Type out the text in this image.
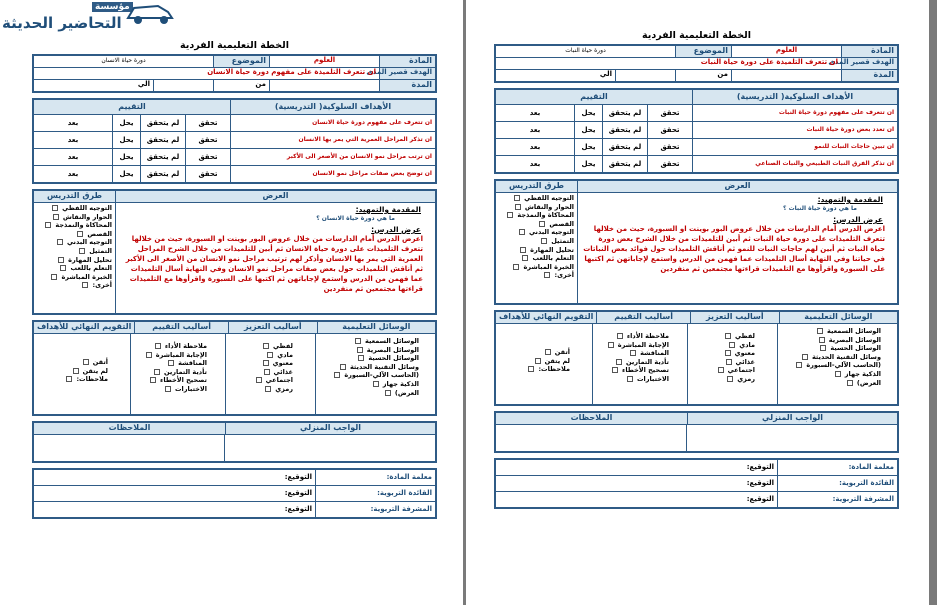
مؤسسة
التحاضير الحديثة
الخطة التعليمية الفردية
المادة
العلوم
الموضوع
دورة حياة الانسان
الهدف قصير المدى
ان تتعرف التلميذة على مفهوم دورة حياة الانسان
المدة
من
الي
الأهداف السلوكية( التدريسية)
التقييم
ان تتعرف على مفهوم دورة حياة الانسان
تحقق
لم يتحقق
يحل
بعد
ان تذكر المراحل العمرية التي يمر بها الانسان
تحقق
لم يتحقق
يحل
بعد
ان ترتب مراحل نمو الانسان من الأصغر الى الأكبر
تحقق
لم يتحقق
يحل
بعد
ان توضح بعض صفات مراحل نمو الانسان
تحقق
لم يتحقق
يحل
بعد
العرض
طرق التدريس
المقدمة والتمهيد:
ما هي دورة حياة الانسان ؟
عرض الدرس:
اعرض الدرس أمام الدارسات من خلال عروض البور بوينت او السبورة، حيث من خلالها تتعرف التلميذات على دورة حياة الانسان ثم أبين للتلميذات من خلال الشرح المراحل العمرية التي يمر بها الانسان وأذكر لهم ترتيب مراحل نمو الانسان من الأصغر الى الأكبر ثم أناقش التلميذات حول بعض صفات مراحل نمو الانسان وفي النهاية أسال التلميذات عما فهمن من الدرس واستمع لإجاباتهن ثم اكتبها على السبورة واقرأوها مع التلميذات قراءتها مجتمعين ثم منفردين
التوجيه اللفظي
الحوار والنقاش
المحاكاة والنمذجة
القصص
التوجيه البدني
التمثيل
تحليل المهارة
التعلم باللعب
الخبرة المباشرة
أخرى:
الوسائل التعليمية
أساليب التعزيز
أساليب التقييم
التقويم النهائي للأهداف
الوسائل السمعية
الوسائل البصرية
الوسائل الحسية
وسائل التقنية الحديثة
(الحاسب الآلي-السبورة
الذكية جهاز
العرض)
لفظي
مادي
معنوي
غذائي
اجتماعي
رمزي
ملاحظة الأداء
الإجابة المباشرة
المناقشة
تأدية التمارين
تصحيح الأخطاء
الاختبارات
أتقن
لم يتقن
ملاحظات:
الواجب المنزلي
الملاحظات
معلمة المادة:
التوقيع:
القائدة التربوية:
التوقيع:
المشرفة التربوية:
التوقيع:
الخطة التعليمية الفردية
المادة
العلوم
الموضوع
دورة حياة النبات
الهدف قصير المدى
ان تتعرف التلميذة على دورة حياة النبات
المدة
من
الي
الأهداف السلوكية( التدريسية)
التقييم
ان تتعرف على مفهوم دورة حياة النبات
تحقق
لم يتحقق
يحل
بعد
ان تعدد بعض دورة حياة النبات
تحقق
لم يتحقق
يحل
بعد
ان تبين حاجات النبات للنمو
تحقق
لم يتحقق
يحل
بعد
ان تذكر الفرق النبات الطبيعي والنبات الصناعي
تحقق
لم يتحقق
يحل
بعد
العرض
طرق التدريس
المقدمة والتمهيد:
ما هي دورة حياة النبات ؟
عرض الدرس:
اعرض الدرس أمام الدارسات من خلال عروض البور بوينت او السبورة، حيث من خلالها تتعرف التلميذات على دورة حياة النبات ثم أبين للتلميذات من خلال الشرح بعض دورة حياة النبات ثم أبين لهم حاجات النبات للنمو ثم أناقش التلميذات حول فوائد بعض النباتات في حياتنا وفي النهاية أسال التلميذات عما فهمن من الدرس واستمع لإجاباتهن ثم اكتبها على السبورة واقرأوها مع التلميذات قراءتها مجتمعين ثم منفردين
التوجيه اللفظي
الحوار والنقاش
المحاكاة والنمذجة
القصص
التوجيه البدني
التمثيل
تحليل المهارة
التعلم باللعب
الخبرة المباشرة
أخرى:
الوسائل التعليمية
أساليب التعزيز
أساليب التقييم
التقويم النهائي للأهداف
الوسائل السمعية
الوسائل البصرية
الوسائل الحسية
وسائل التقنية الحديثة
(الحاسب الآلي-السبورة
الذكية جهاز
العرض)
لفظي
مادي
معنوي
غذائي
اجتماعي
رمزي
ملاحظة الأداء
الإجابة المباشرة
المناقشة
تأدية التمارين
تصحيح الأخطاء
الاختبارات
أتقن
لم يتقن
ملاحظات:
الواجب المنزلي
الملاحظات
معلمة المادة:
التوقيع:
القائدة التربوية:
التوقيع:
المشرفة التربوية:
التوقيع:
